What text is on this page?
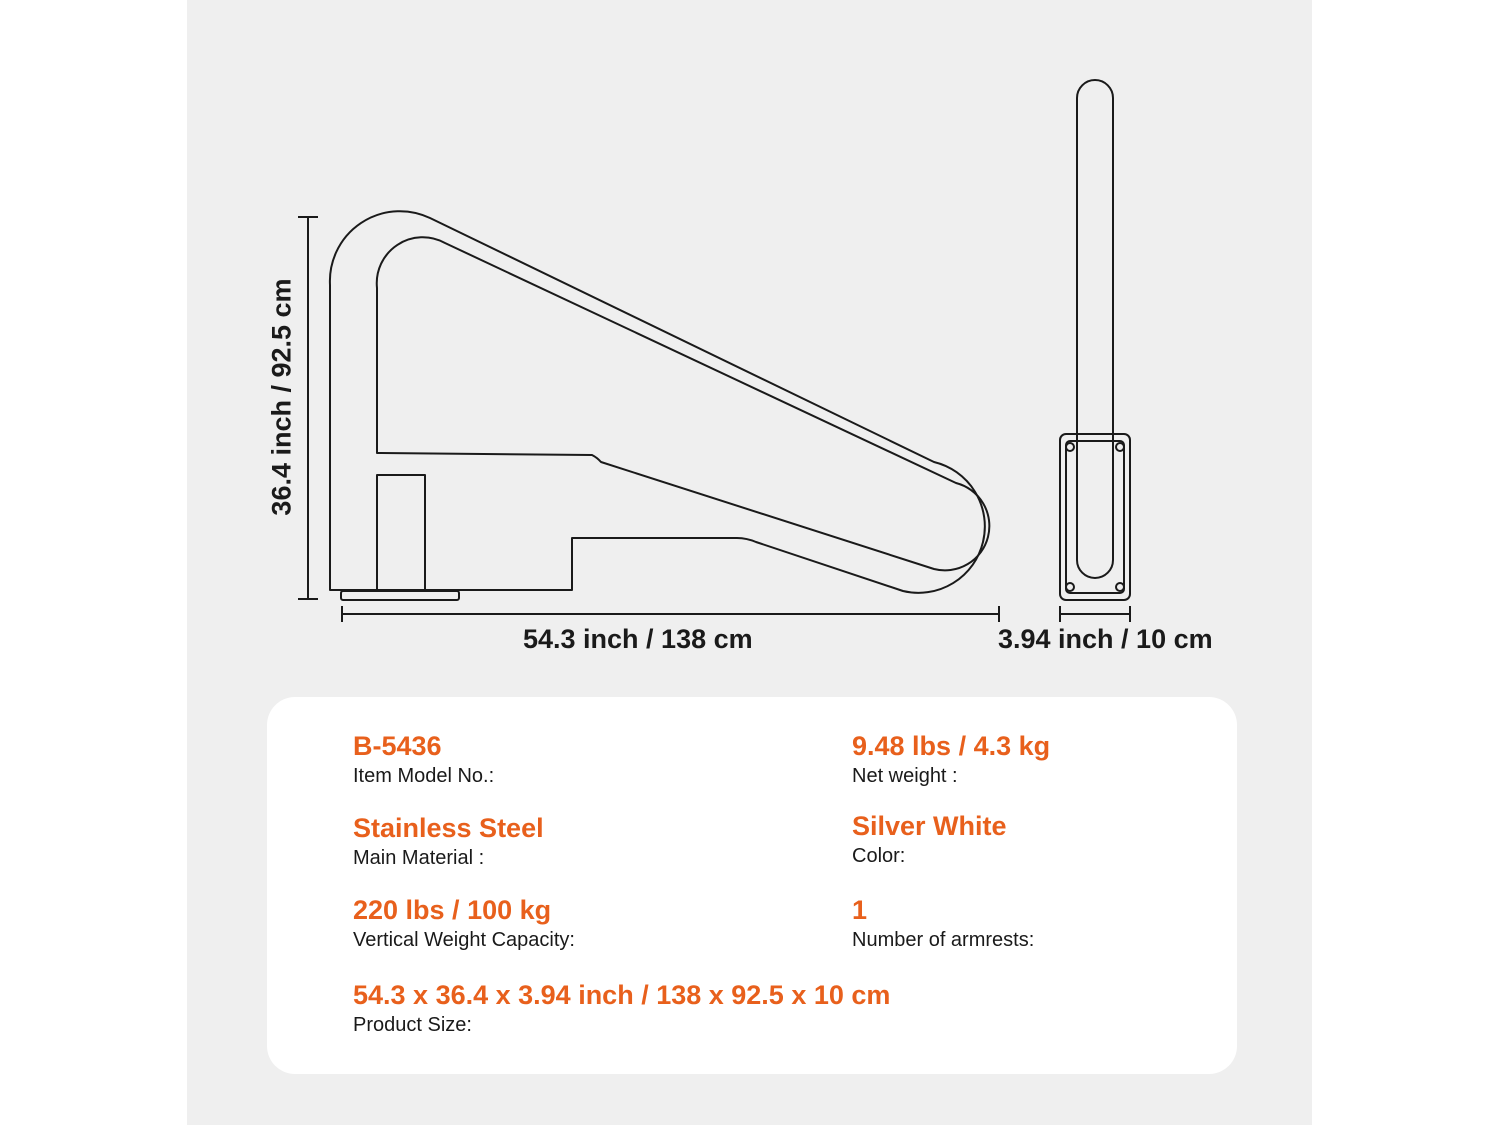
36.4 inch / 92.5 cm
54.3 inch / 138 cm	3.94 inch / 10 cm
B-5436
Item Model No.:
9.48 lbs / 4.3 kg
Net weight :
Stainless Steel
Main Material :
Silver White
Color:
220 lbs / 100 kg
Vertical Weight Capacity:
1
Number of armrests:
54.3 x 36.4 x 3.94 inch / 138 x 92.5 x 10 cm
Product Size:
